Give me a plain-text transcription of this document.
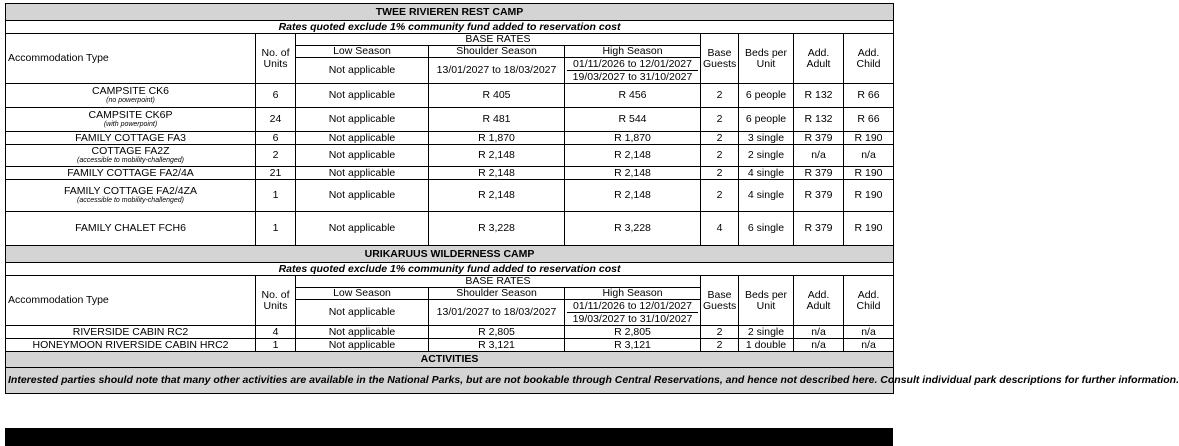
TWEE RIVIEREN REST CAMP								
Rates quoted exclude 1% community fund added to reservation cost								
Accommodation Type	No. of Units	BASE RATES			Base Guests	Beds per Unit	Add. Adult	Add. Child
		Low Season	Shoulder Season	High Season				
		Not applicable	13/01/2027 to 18/03/2027	01/11/2026 to 12/01/2027
19/03/2027 to 31/10/2027				

CAMPSITE CK6
(no powerpoint)	6	Not applicable	R 405	R 456	2	6 people	R 132	R 66
CAMPSITE CK6P
(with powerpoint)	24	Not applicable	R 481	R 544	2	6 people	R 132	R 66
FAMILY COTTAGE FA3	6	Not applicable	R 1,870	R 1,870	2	3 single	R 379	R 190
COTTAGE FA2Z
(accessible to mobility-challenged)	2	Not applicable	R 2,148	R 2,148	2	2 single	n/a	n/a
FAMILY COTTAGE FA2/4A	21	Not applicable	R 2,148	R 2,148	2	4 single	R 379	R 190
FAMILY COTTAGE FA2/4ZA
(accessible to mobility-challenged)	1	Not applicable	R 2,148	R 2,148	2	4 single	R 379	R 190
FAMILY CHALET FCH6	1	Not applicable	R 3,228	R 3,228	4	6 single	R 379	R 190
URIKARUUS WILDERNESS CAMP								
Rates quoted exclude 1% community fund added to reservation cost								
Accommodation Type	No. of Units	BASE RATES			Base Guests	Beds per Unit	Add. Adult	Add. Child
		Low Season	Shoulder Season	High Season				
		Not applicable	13/01/2027 to 18/03/2027	01/11/2026 to 12/01/2027
19/03/2027 to 31/10/2027				

RIVERSIDE CABIN RC2	4	Not applicable	R 2,805	R 2,805	2	2 single	n/a	n/a
HONEYMOON RIVERSIDE CABIN HRC2	1	Not applicable	R 3,121	R 3,121	2	1 double	n/a	n/a
ACTIVITIES								
Interested parties should note that many other activities are available in the National Parks, but are not bookable through Central Reservations, and hence not described here. Consult individual park descriptions for further information.								
